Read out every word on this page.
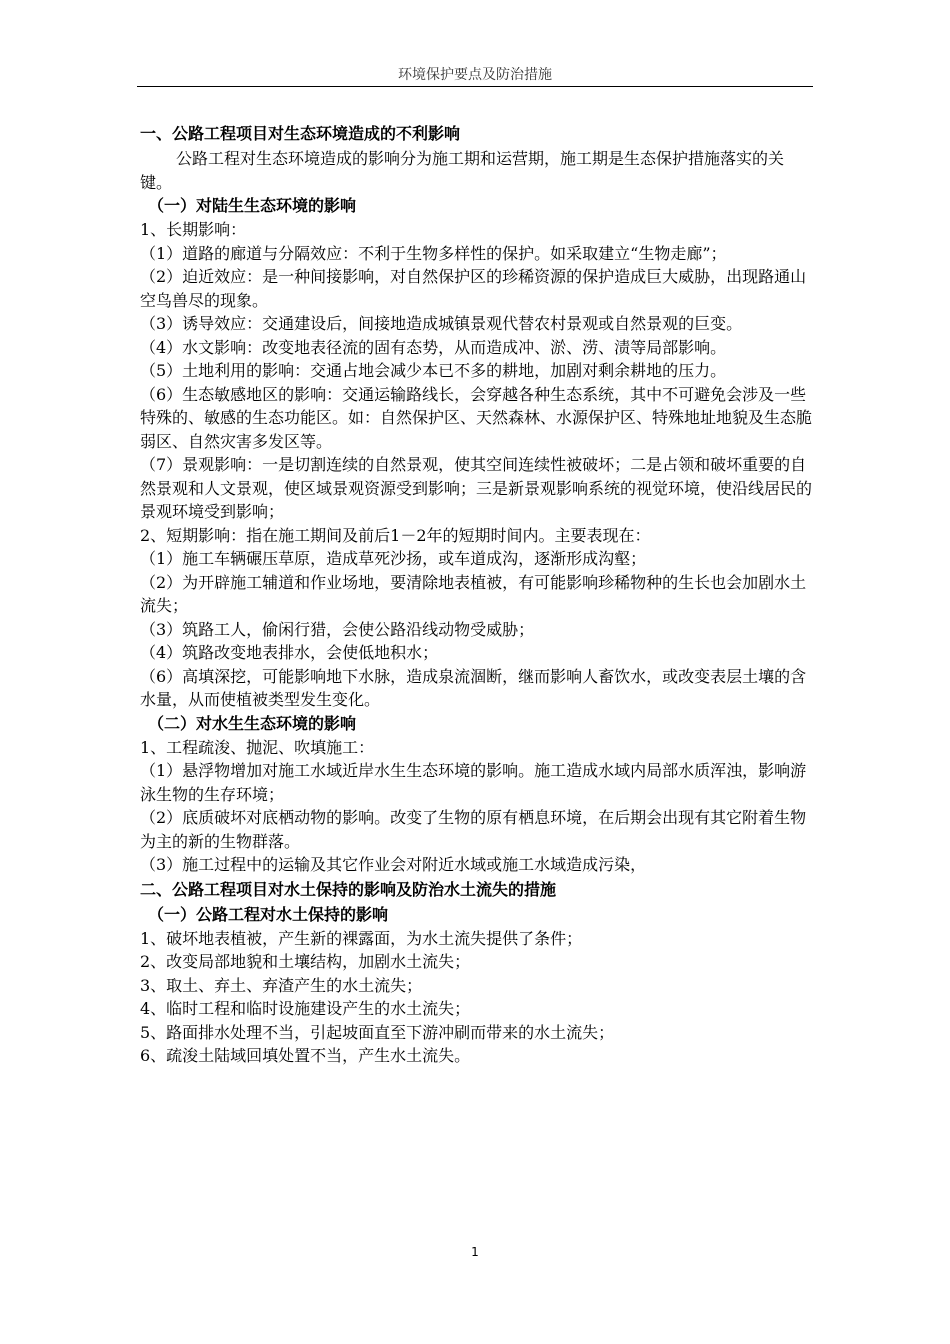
环境保护要点及防治措施

一、公路工程项目对生态环境造成的不利影响

公路工程对生态环境造成的影响分为施工期和运营期，施工期是生态保护措施落实的关键。

（一）对陆生生态环境的影响

1、长期影响：

（1）道路的廊道与分隔效应：不利于生物多样性的保护。如采取建立“生物走廊”；

（2）迫近效应：是一种间接影响，对自然保护区的珍稀资源的保护造成巨大威胁，出现路通山空鸟兽尽的现象。

（3）诱导效应：交通建设后，间接地造成城镇景观代替农村景观或自然景观的巨变。

（4）水文影响：改变地表径流的固有态势，从而造成冲、淤、涝、渍等局部影响。

（5）土地利用的影响：交通占地会减少本已不多的耕地，加剧对剩余耕地的压力。

（6）生态敏感地区的影响：交通运输路线长，会穿越各种生态系统，其中不可避免会涉及一些特殊的、敏感的生态功能区。如：自然保护区、天然森林、水源保护区、特殊地址地貌及生态脆弱区、自然灾害多发区等。

（7）景观影响：一是切割连续的自然景观，使其空间连续性被破坏；二是占领和破坏重要的自然景观和人文景观，使区域景观资源受到影响；三是新景观影响系统的视觉环境，使沿线居民的景观环境受到影响；

2、短期影响：指在施工期间及前后1－2年的短期时间内。主要表现在：

（1）施工车辆碾压草原，造成草死沙扬，或车道成沟，逐渐形成沟壑；

（2）为开辟施工辅道和作业场地，要清除地表植被，有可能影响珍稀物种的生长也会加剧水土流失；

（3）筑路工人，偷闲行猎，会使公路沿线动物受威胁；

（4）筑路改变地表排水，会使低地积水；

（6）高填深挖，可能影响地下水脉，造成泉流涸断，继而影响人畜饮水，或改变表层土壤的含水量，从而使植被类型发生变化。

（二）对水生生态环境的影响

1、工程疏浚、抛泥、吹填施工：

（1）悬浮物增加对施工水域近岸水生生态环境的影响。施工造成水域内局部水质浑浊，影响游泳生物的生存环境；

（2）底质破坏对底栖动物的影响。改变了生物的原有栖息环境，在后期会出现有其它附着生物为主的新的生物群落。

（3）施工过程中的运输及其它作业会对附近水域或施工水域造成污染，

二、公路工程项目对水土保持的影响及防治水土流失的措施

（一）公路工程对水土保持的影响

1、破坏地表植被，产生新的裸露面，为水土流失提供了条件；

2、改变局部地貌和土壤结构，加剧水土流失；

3、取土、弃土、弃渣产生的水土流失；

4、临时工程和临时设施建设产生的水土流失；

5、路面排水处理不当，引起坡面直至下游冲刷而带来的水土流失；

6、疏浚土陆域回填处置不当，产生水土流失。

1
